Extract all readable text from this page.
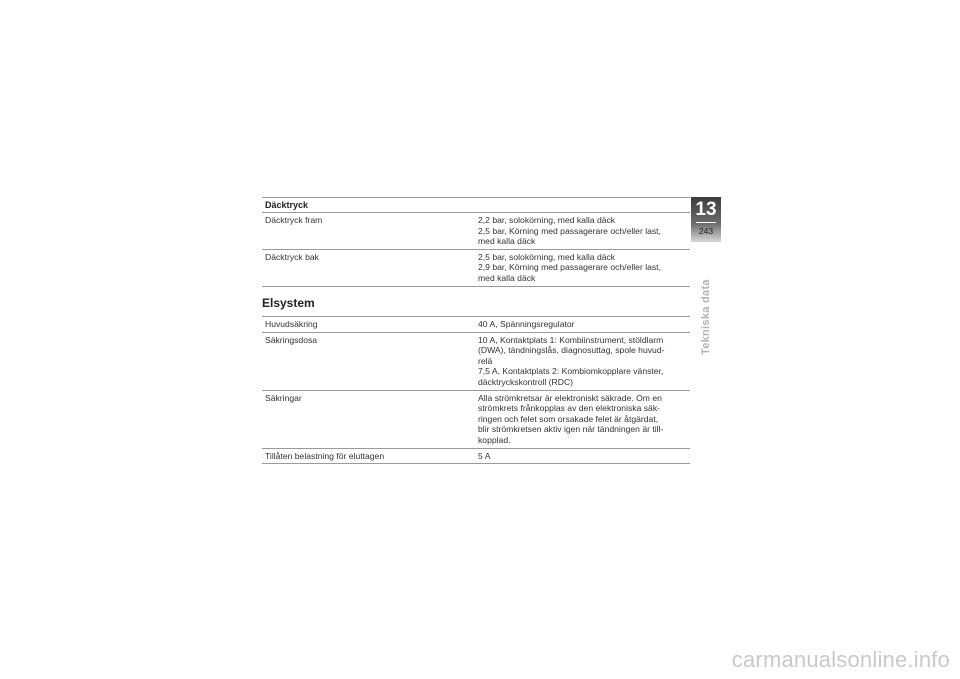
Däcktryck
Däcktryck fram	2,2 bar, solokörning, med kalla däck
2,5 bar, Körning med passagerare och/eller last,
med kalla däck
Däcktryck bak	2,5 bar, solokörning, med kalla däck
2,9 bar, Körning med passagerare och/eller last,
med kalla däck
Elsystem
Huvudsäkring	40 A, Spänningsregulator
Säkringsdosa	10 A, Kontaktplats 1: Kombiinstrument, stöldlarm
(DWA), tändningslås, diagnosuttag, spole huvud-
relä
7,5 A, Kontaktplats 2: Kombiomkopplare vänster,
däcktryckskontroll (RDC)
Säkringar	Alla strömkretsar är elektroniskt säkrade. Om en
strömkrets frånkopplas av den elektroniska säk-
ringen och felet som orsakade felet är åtgärdat,
blir strömkretsen aktiv igen när tändningen är till-
kopplad.
Tillåten belastning för eluttagen	5 A
13
243
Tekniska data
carmanualsonline.info
